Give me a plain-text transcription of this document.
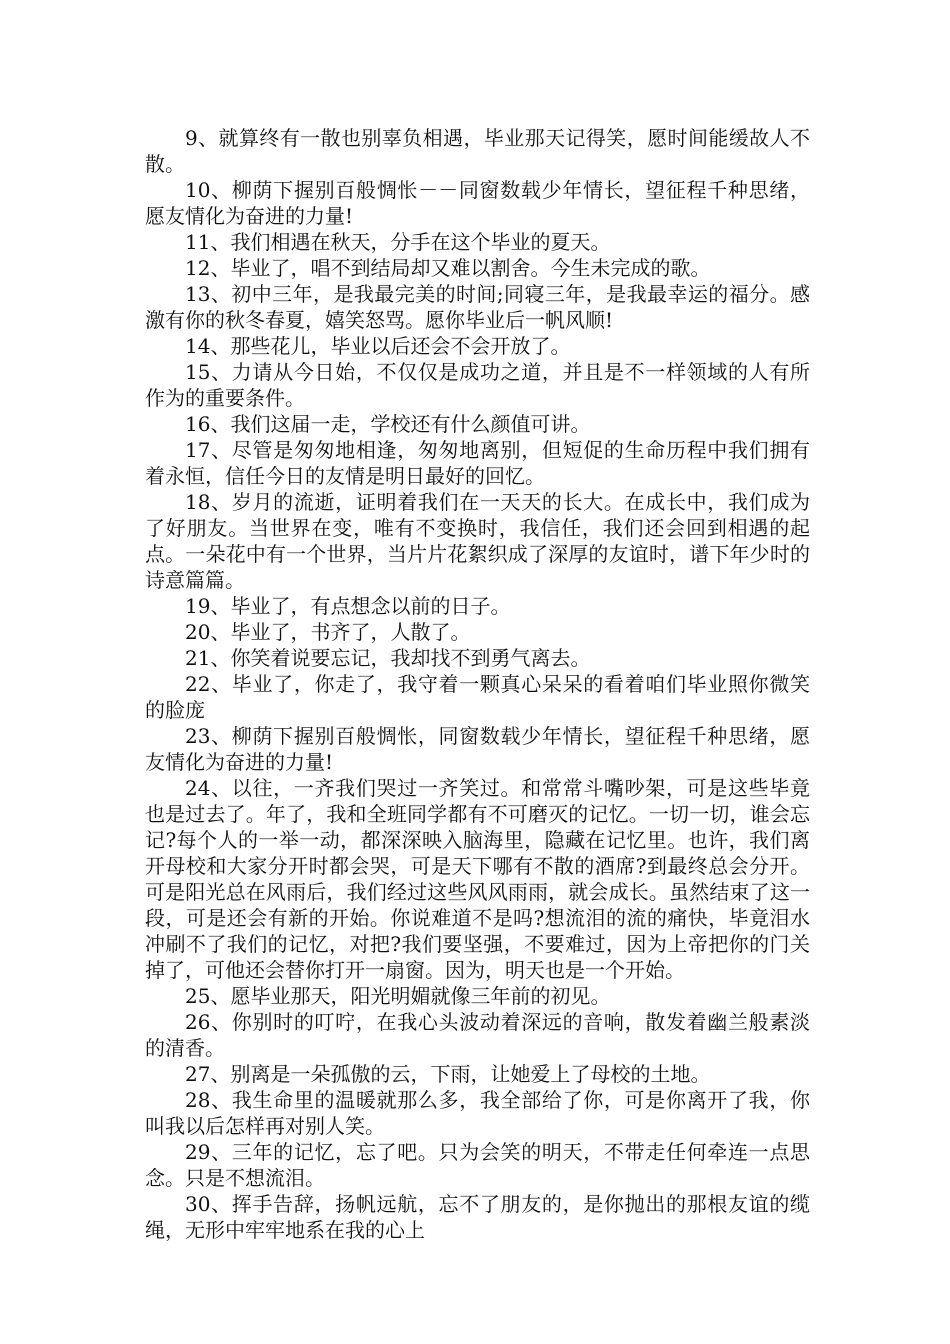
9、就算终有一散也别辜负相遇，毕业那天记得笑，愿时间能缓故人不散。

10、柳荫下握别百般惆怅－－同窗数载少年情长，望征程千种思绪，愿友情化为奋进的力量!

11、我们相遇在秋天，分手在这个毕业的夏天。

12、毕业了，唱不到结局却又难以割舍。今生未完成的歌。

13、初中三年，是我最完美的时间;同寝三年，是我最幸运的福分。感激有你的秋冬春夏，嬉笑怒骂。愿你毕业后一帆风顺!

14、那些花儿，毕业以后还会不会开放了。

15、力请从今日始，不仅仅是成功之道，并且是不一样领域的人有所作为的重要条件。

16、我们这届一走，学校还有什么颜值可讲。

17、尽管是匆匆地相逢，匆匆地离别，但短促的生命历程中我们拥有着永恒，信任今日的友情是明日最好的回忆。

18、岁月的流逝，证明着我们在一天天的长大。在成长中，我们成为了好朋友。当世界在变，唯有不变换时，我信任，我们还会回到相遇的起点。一朵花中有一个世界，当片片花絮织成了深厚的友谊时，谱下年少时的诗意篇篇。

19、毕业了，有点想念以前的日子。

20、毕业了，书齐了，人散了。

21、你笑着说要忘记，我却找不到勇气离去。

22、毕业了，你走了，我守着一颗真心呆呆的看着咱们毕业照你微笑的脸庞

23、柳荫下握别百般惆怅，同窗数载少年情长，望征程千种思绪，愿友情化为奋进的力量!

24、以往，一齐我们哭过一齐笑过。和常常斗嘴吵架，可是这些毕竟也是过去了。年了，我和全班同学都有不可磨灭的记忆。一切一切，谁会忘记?每个人的一举一动，都深深映入脑海里，隐藏在记忆里。也许，我们离开母校和大家分开时都会哭，可是天下哪有不散的酒席?到最终总会分开。可是阳光总在风雨后，我们经过这些风风雨雨，就会成长。虽然结束了这一段，可是还会有新的开始。你说难道不是吗?想流泪的流的痛快，毕竟泪水冲刷不了我们的记忆，对把?我们要坚强，不要难过，因为上帝把你的门关掉了，可他还会替你打开一扇窗。因为，明天也是一个开始。

25、愿毕业那天，阳光明媚就像三年前的初见。

26、你别时的叮咛，在我心头波动着深远的音响，散发着幽兰般素淡的清香。

27、别离是一朵孤傲的云，下雨，让她爱上了母校的土地。

28、我生命里的温暖就那么多，我全部给了你，可是你离开了我，你叫我以后怎样再对别人笑。

29、三年的记忆，忘了吧。只为会笑的明天，不带走任何牵连一点思念。只是不想流泪。

30、挥手告辞，扬帆远航，忘不了朋友的，是你抛出的那根友谊的缆绳，无形中牢牢地系在我的心上
